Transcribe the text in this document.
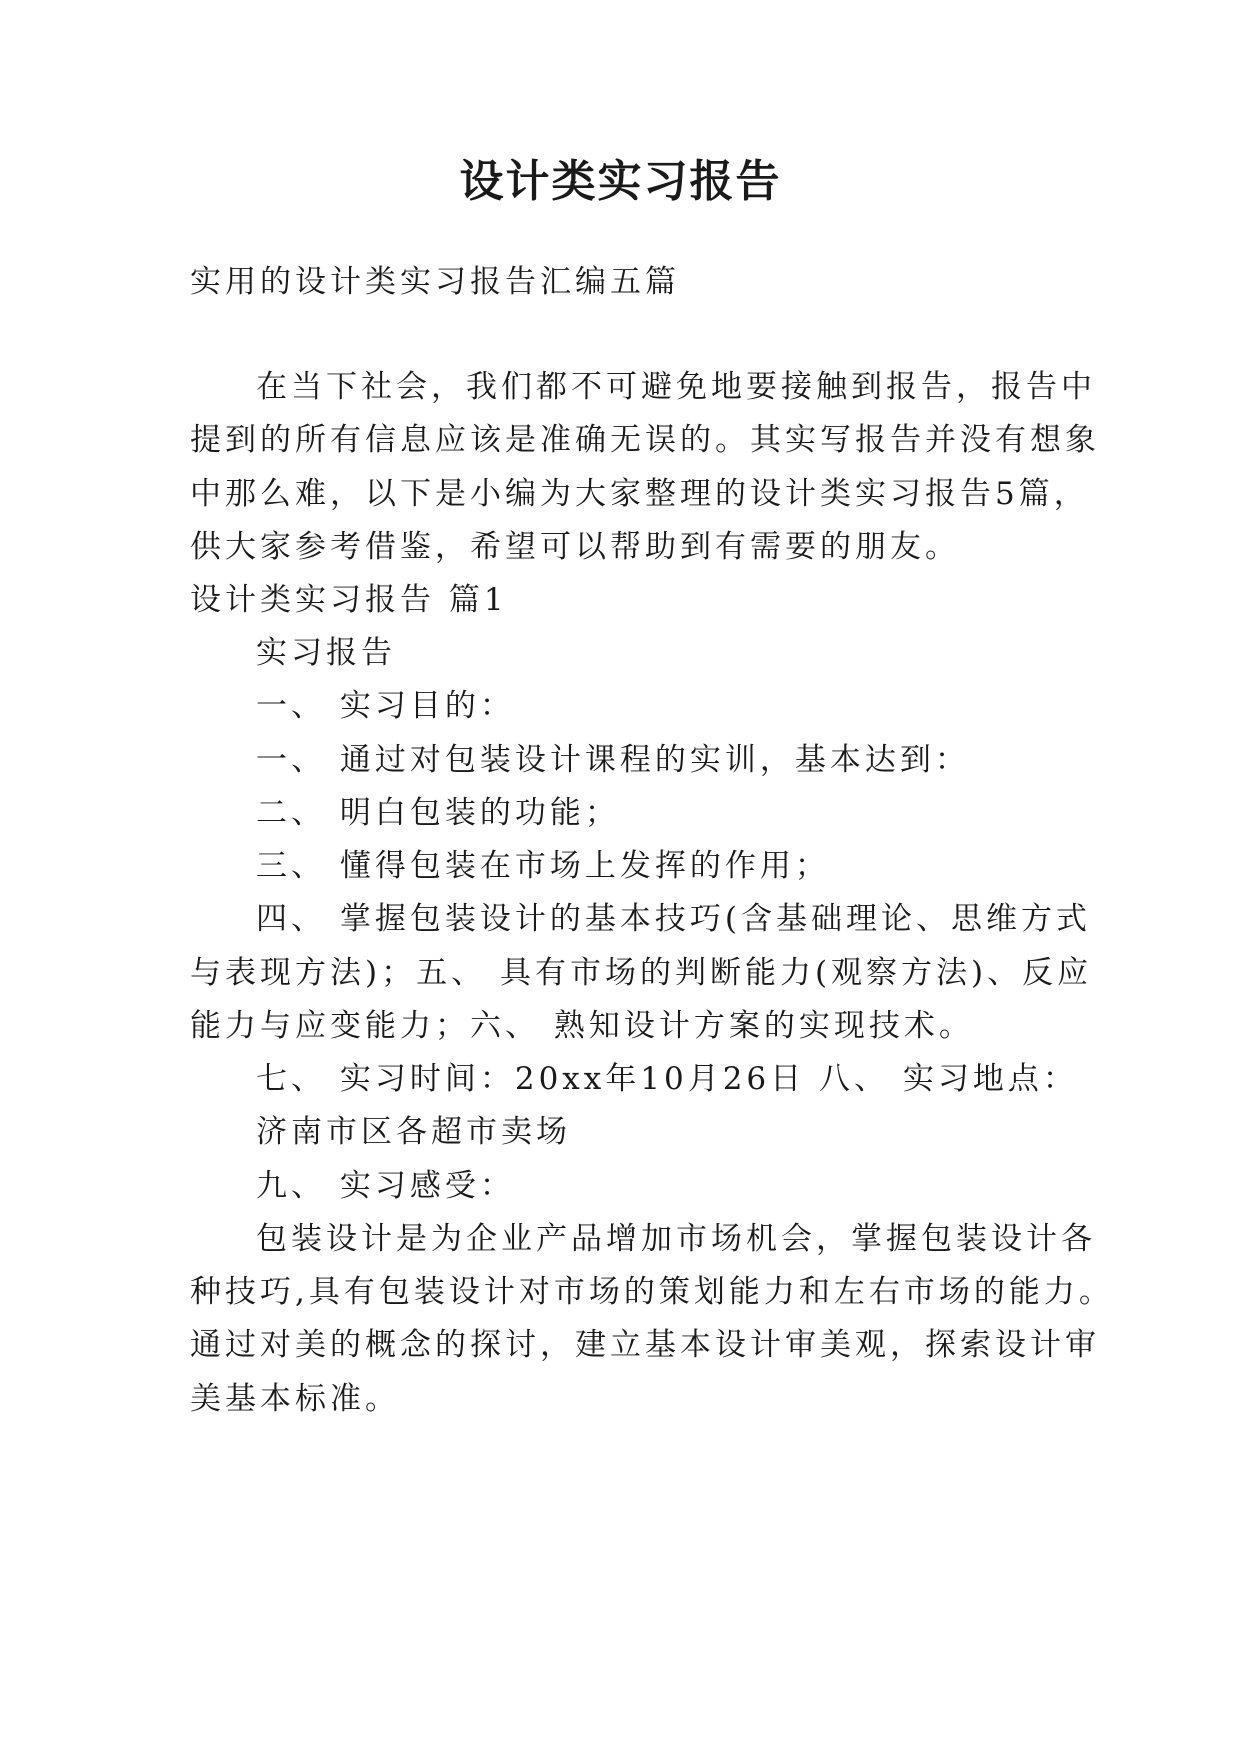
设计类实习报告
实用的设计类实习报告汇编五篇
在当下社会，我们都不可避免地要接触到报告，报告中
提到的所有信息应该是准确无误的。其实写报告并没有想象
中那么难，以下是小编为大家整理的设计类实习报告5篇，
供大家参考借鉴，希望可以帮助到有需要的朋友。
设计类实习报告 篇1
实习报告
一、 实习目的：
一、 通过对包装设计课程的实训，基本达到：
二、 明白包装的功能；
三、 懂得包装在市场上发挥的作用；
四、 掌握包装设计的基本技巧(含基础理论、思维方式
与表现方法)；五、 具有市场的判断能力(观察方法)、反应
能力与应变能力；六、 熟知设计方案的实现技术。
七、 实习时间：20xx年10月26日 八、 实习地点：
济南市区各超市卖场
九、 实习感受：
包装设计是为企业产品增加市场机会，掌握包装设计各
种技巧,具有包装设计对市场的策划能力和左右市场的能力。
通过对美的概念的探讨，建立基本设计审美观，探索设计审
美基本标准。
